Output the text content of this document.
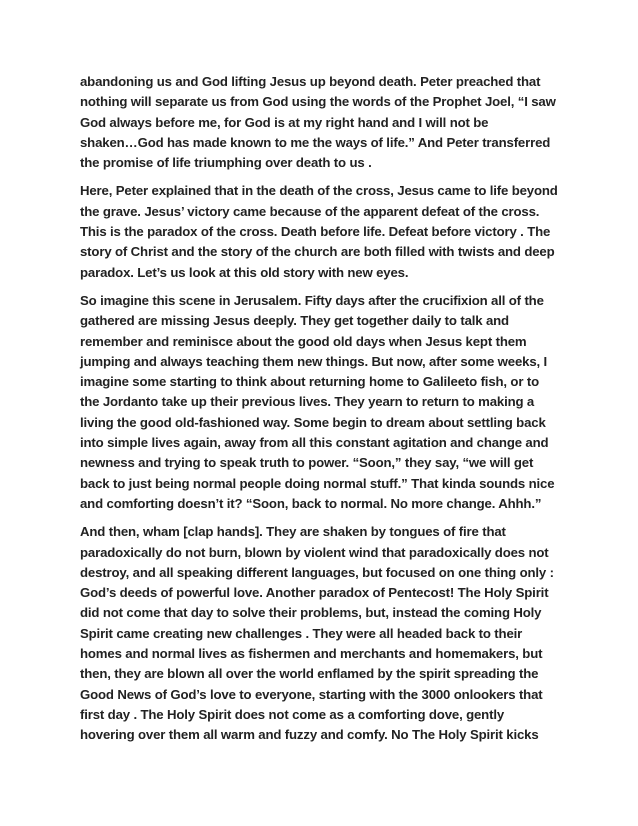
abandoning us and God lifting Jesus up beyond death. Peter preached that
nothing will separate us from God using the words of the Prophet Joel, “I saw
God always before me, for God is at my right hand and I will not be
shaken…God has made known to me the ways of life.” And Peter transferred
the promise of life triumphing over death to us .
Here, Peter explained that in the death of the cross, Jesus came to life beyond
the grave. Jesus’ victory came because of the apparent defeat of the cross.
This is the paradox of the cross. Death before life. Defeat before victory . The
story of Christ and the story of the church are both filled with twists and deep
paradox. Let’s us look at this old story with new eyes.
So imagine this scene in Jerusalem. Fifty days after the crucifixion all of the
gathered are missing Jesus deeply. They get together daily to talk and
remember and reminisce about the good old days when Jesus kept them
jumping and always teaching them new things. But now, after some weeks, I
imagine some starting to think about returning home to Galileeto fish, or to
the Jordanto take up their previous lives. They yearn to return to making a
living the good old-fashioned way. Some begin to dream about settling back
into simple lives again, away from all this constant agitation and change and
newness and trying to speak truth to power. “Soon,” they say, “we will get
back to just being normal people doing normal stuff.” That kinda sounds nice
and comforting doesn’t it? “Soon, back to normal. No more change. Ahhh.”
And then, wham [clap hands]. They are shaken by tongues of fire that
paradoxically do not burn, blown by violent wind that paradoxically does not
destroy, and all speaking different languages, but focused on one thing only :
God’s deeds of powerful love. Another paradox of Pentecost! The Holy Spirit
did not come that day to solve their problems, but, instead the coming Holy
Spirit came creating new challenges . They were all headed back to their
homes and normal lives as fishermen and merchants and homemakers, but
then, they are blown all over the world enflamed by the spirit spreading the
Good News of God’s love to everyone, starting with the 3000 onlookers that
first day . The Holy Spirit does not come as a comforting dove, gently
hovering over them all warm and fuzzy and comfy. No The Holy Spirit kicks
